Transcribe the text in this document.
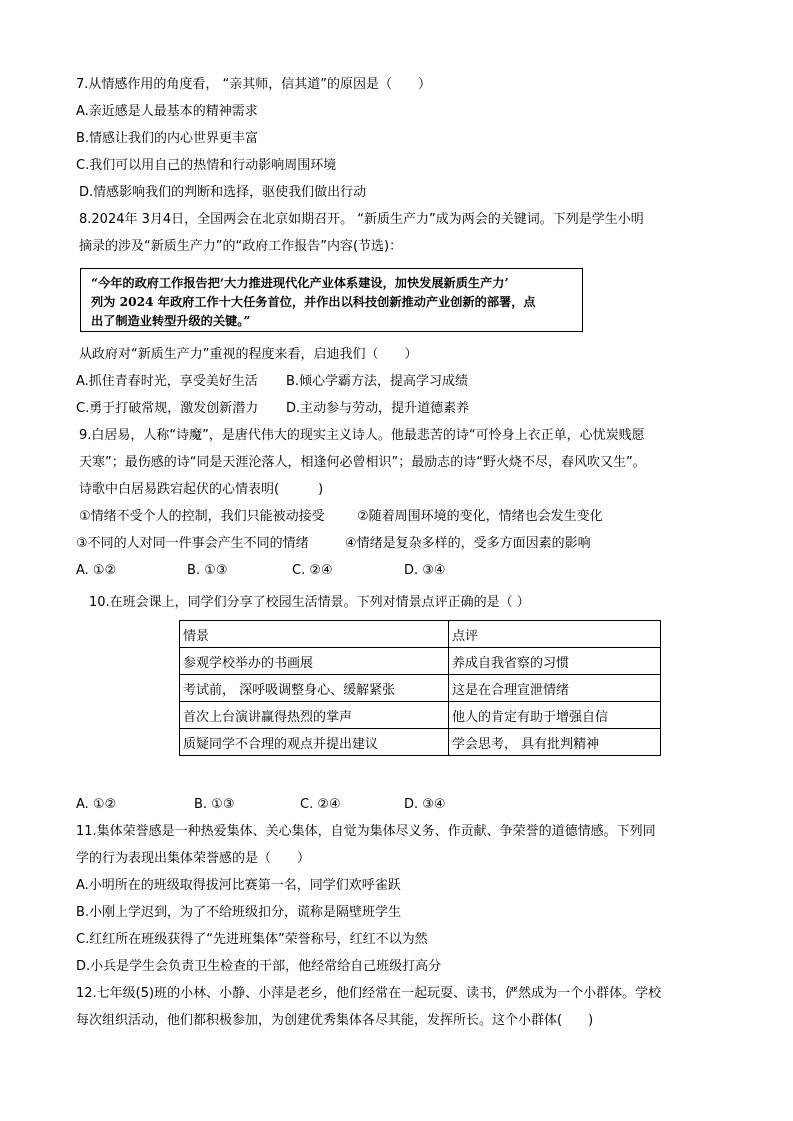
7.从情感作用的角度看， “亲其师，信其道”的原因是（　　）
A.亲近感是人最基本的精神需求
B.情感让我们的内心世界更丰富
C.我们可以用自己的热情和行动影响周围环境
D.情感影响我们的判断和选择，驱使我们做出行动
8.2024年 3月4日，全国两会在北京如期召开。 “新质生产力”成为两会的关键词。下列是学生小明
摘录的涉及“新质生产力”的“政府工作报告”内容(节选)：
“今年的政府工作报告把‘大力推进现代化产业体系建设，加快发展新质生产力’
列为 2024 年政府工作十大任务首位，并作出以科技创新推动产业创新的部署，点
出了制造业转型升级的关键。”
从政府对“新质生产力”重视的程度来看，启迪我们（　　）
A.抓住青春时光，享受美好生活 B.倾心学霸方法，提高学习成绩
C.勇于打破常规，激发创新潜力 D.主动参与劳动，提升道德素养
9.白居易，人称“诗魔”，是唐代伟大的现实主义诗人。他最悲苦的诗“可怜身上衣正单，心忧炭贱愿
天寒”；最伤感的诗“同是天涯沦落人，相逢何必曾相识”；最励志的诗“野火烧不尽，春风吹又生”。
诗歌中白居易跌宕起伏的心情表明(　　　)
①情绪不受个人的控制，我们只能被动接受 ②随着周围环境的变化，情绪也会发生变化
③不同的人对同一件事会产生不同的情绪	④情绪是复杂多样的，受多方面因素的影响
A. ①②	B. ①③	C. ②④	D. ③④
10.在班会课上，同学们分享了校园生活情景。下列对情景点评正确的是（ ）
情景	点评
参观学校举办的书画展	养成自我省察的习惯
考试前， 深呼吸调整身心、缓解紧张	这是在合理宣泄情绪
首次上台演讲赢得热烈的掌声	他人的肯定有助于增强自信
质疑同学不合理的观点并提出建议	学会思考， 具有批判精神
A. ①②	B. ①③	C. ②④	D. ③④
11.集体荣誉感是一种热爱集体、关心集体，自觉为集体尽义务、作贡献、争荣誉的道德情感。下列同
学的行为表现出集体荣誉感的是（　　）
A.小明所在的班级取得拔河比赛第一名，同学们欢呼雀跃
B.小刚上学迟到，为了不给班级扣分，谎称是隔壁班学生
C.红红所在班级获得了“先进班集体”荣誉称号，红红不以为然
D.小兵是学生会负责卫生检查的干部，他经常给自己班级打高分
12.七年级(5)班的小林、小静、小萍是老乡，他们经常在一起玩耍、读书，俨然成为一个小群体。学校
每次组织活动，他们都积极参加，为创建优秀集体各尽其能，发挥所长。这个小群体(　　)
